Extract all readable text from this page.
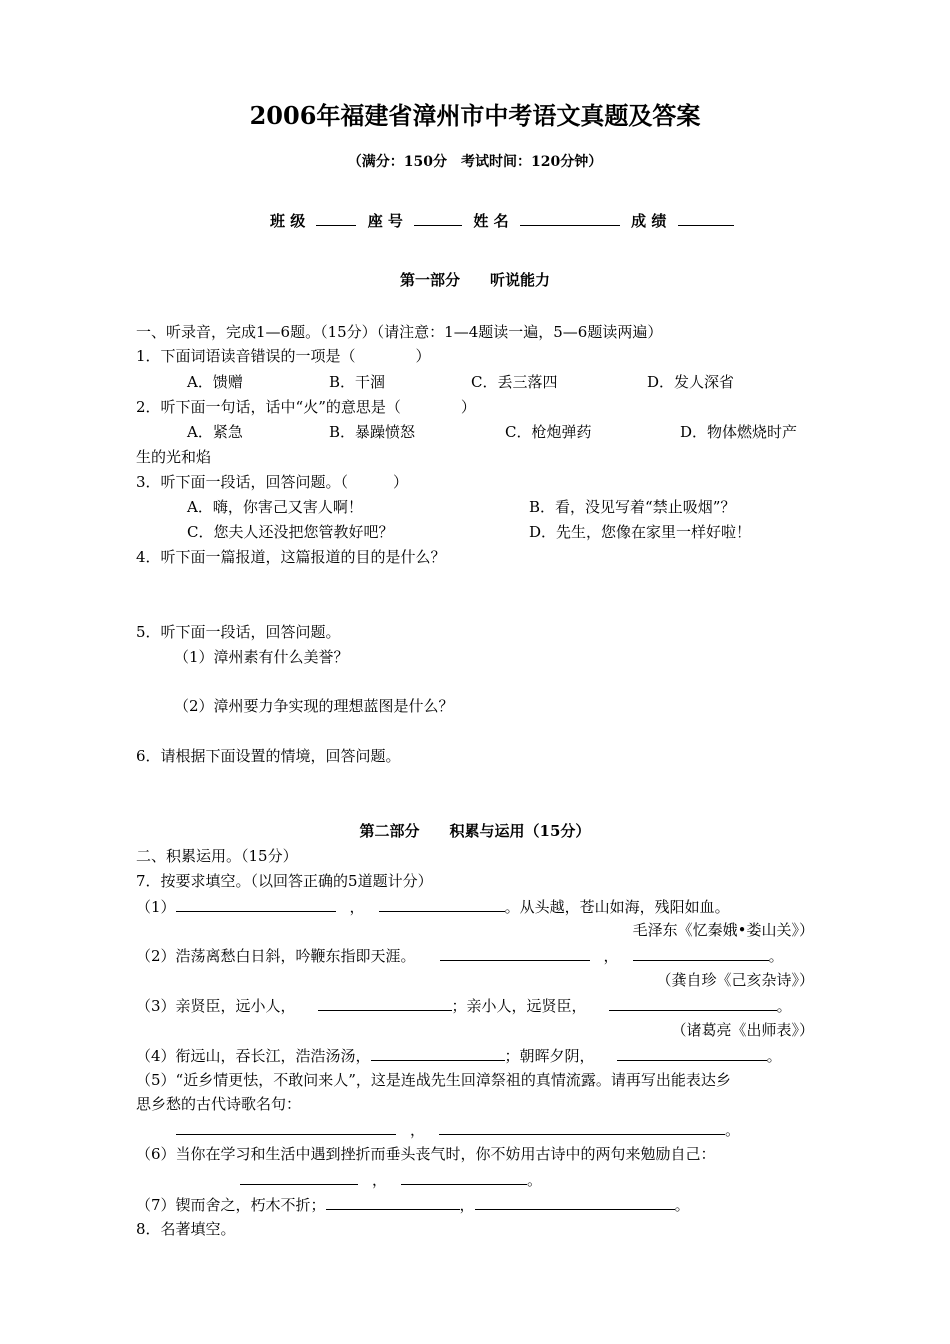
2006年福建省漳州市中考语文真题及答案
（满分：150分　考试时间：120分钟）
班 级	座 号	姓 名	成 绩
第一部分　　听说能力
一、听录音，完成1—6题。（15分）（请注意：1—4题读一遍，5—6题读两遍）
1．下面词语读音错误的一项是（　　　　）
A．馈赠	B．干涸	C．丢三落四	D．发人深省
2．听下面一句话，话中“火”的意思是（　　　　）
A．紧急	B．暴躁愤怒	C．枪炮弹药	D．物体燃烧时产
生的光和焰
3．听下面一段话，回答问题。（　　　）
A．嗨，你害己又害人啊！	B．看，没见写着“禁止吸烟”？
C．您夫人还没把您管教好吧？	D．先生，您像在家里一样好啦！
4．听下面一篇报道，这篇报道的目的是什么？
5．听下面一段话，回答问题。
（1）漳州素有什么美誉？
（2）漳州要力争实现的理想蓝图是什么？
6．请根据下面设置的情境，回答问题。
第二部分　　积累与运用（15分）
二、积累运用。（15分）
7．按要求填空。（以回答正确的5道题计分）
（1）	，	。从头越，苍山如海，残阳如血。
毛泽东《忆秦娥•娄山关》）
（2）浩荡离愁白日斜，吟鞭东指即天涯。	，	。
（龚自珍《己亥杂诗》）
（3）亲贤臣，远小人，	；亲小人，远贤臣，	。
（诸葛亮《出师表》）
（4）衔远山，吞长江，浩浩汤汤，	；朝晖夕阴，	。
（5）“近乡情更怯，不敢问来人”，这是连战先生回漳祭祖的真情流露。请再写出能表达乡
思乡愁的古代诗歌名句：
，	。
（6）当你在学习和生活中遇到挫折而垂头丧气时，你不妨用古诗中的两句来勉励自己：
，	。
（7）锲而舍之，朽木不折；	，	。
8．名著填空。
